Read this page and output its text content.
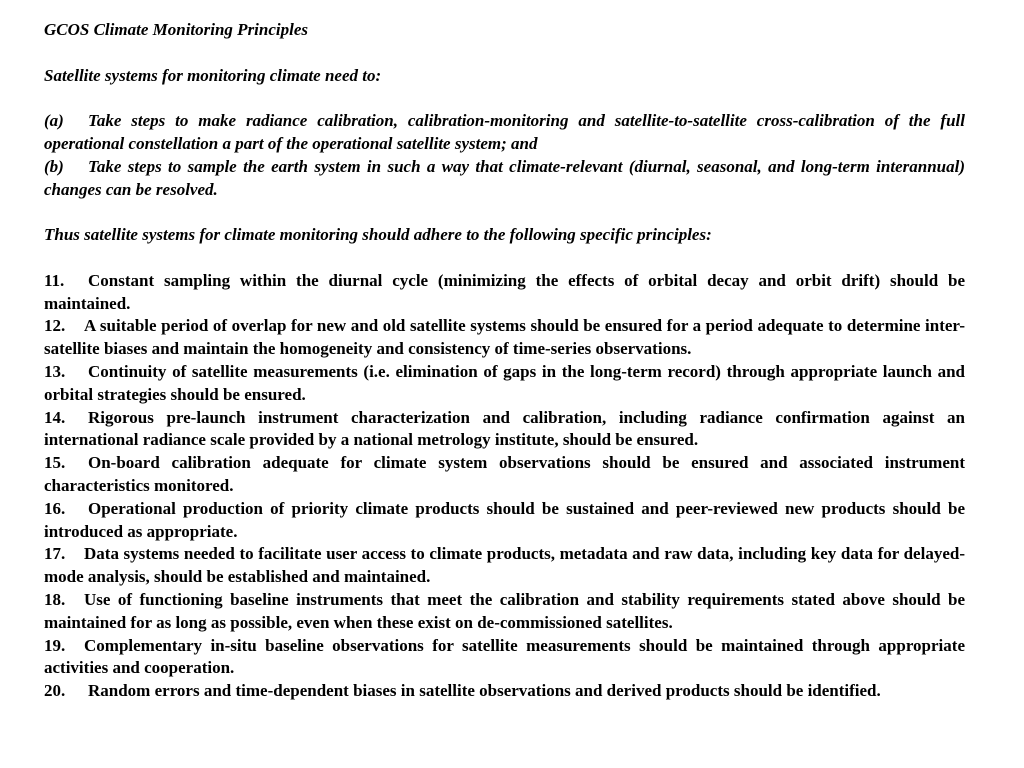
GCOS Climate Monitoring Principles

Satellite systems for monitoring climate need to:

(a) Take steps to make radiance calibration, calibration-monitoring and satellite-to-satellite cross-calibration of the full operational constellation a part of the operational satellite system; and

(b) Take steps to sample the earth system in such a way that climate-relevant (diurnal, seasonal, and long-term interannual) changes can be resolved.

Thus satellite systems for climate monitoring should adhere to the following specific principles:

11. Constant sampling within the diurnal cycle (minimizing the effects of orbital decay and orbit drift) should be maintained.

12. A suitable period of overlap for new and old satellite systems should be ensured for a period adequate to determine inter-satellite biases and maintain the homogeneity and consistency of time-series observations.

13. Continuity of satellite measurements (i.e. elimination of gaps in the long-term record) through appropriate launch and orbital strategies should be ensured.

14. Rigorous pre-launch instrument characterization and calibration, including radiance confirmation against an international radiance scale provided by a national metrology institute, should be ensured.

15. On-board calibration adequate for climate system observations should be ensured and associated instrument characteristics monitored.

16. Operational production of priority climate products should be sustained and peer-reviewed new products should be introduced as appropriate.

17. Data systems needed to facilitate user access to climate products, metadata and raw data, including key data for delayed-mode analysis, should be established and maintained.

18. Use of functioning baseline instruments that meet the calibration and stability requirements stated above should be maintained for as long as possible, even when these exist on de-commissioned satellites.

19. Complementary in-situ baseline observations for satellite measurements should be maintained through appropriate activities and cooperation.

20. Random errors and time-dependent biases in satellite observations and derived products should be identified.
